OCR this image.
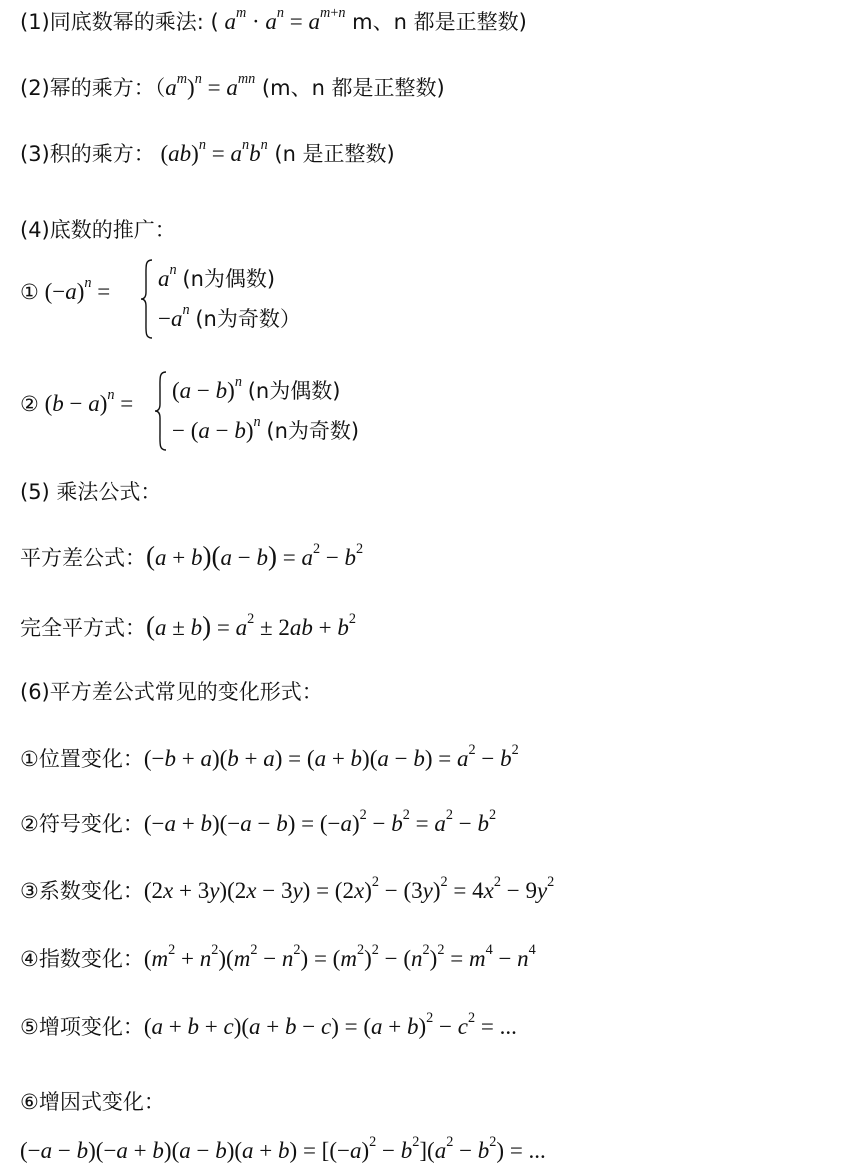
(1)同底数幂的乘法: ( $a^m \cdot a^n = a^{m+n}$ m、n 都是正整数)
(2)幂的乘方：$(a^m)^n = a^{mn}$ (m、n 都是正整数)
(3)积的乘方： $(ab)^n = a^nb^n$ (n 是正整数)
(4)底数的推广：
① $(-a)^n$ =
$a^n$ (n为偶数)
$-a^n$ (n为奇数）
② $(b - a)^n$ =
$(a - b)^n$ (n为偶数)
− $(a - b)^n$ (n为奇数)
(5) 乘法公式：
平方差公式：$(a + b)(a - b) = a^2 - b^2$
完全平方式：$(a \pm b) = a^2 \pm 2ab + b^2$
(6)平方差公式常见的变化形式：
①位置变化：$(-b + a)(b + a) = (a + b)(a - b) = a^2 - b^2$
②符号变化：$(-a + b)(-a - b) = (-a)^2 - b^2 = a^2 - b^2$
③系数变化：$(2x + 3y)(2x - 3y) = (2x)^2 - (3y)^2 = 4x^2 - 9y^2$
④指数变化：$(m^2 + n^2)(m^2 - n^2) = (m^2)^2 - (n^2)^2 = m^4 - n^4$
⑤增项变化：$(a + b + c)(a + b - c) = (a + b)^2 - c^2$ = ...
⑥增因式变化：
$(-a - b)(-a + b)(a - b)(a + b) = [(-a)^2 - b^2](a^2 - b^2)$ = ...
